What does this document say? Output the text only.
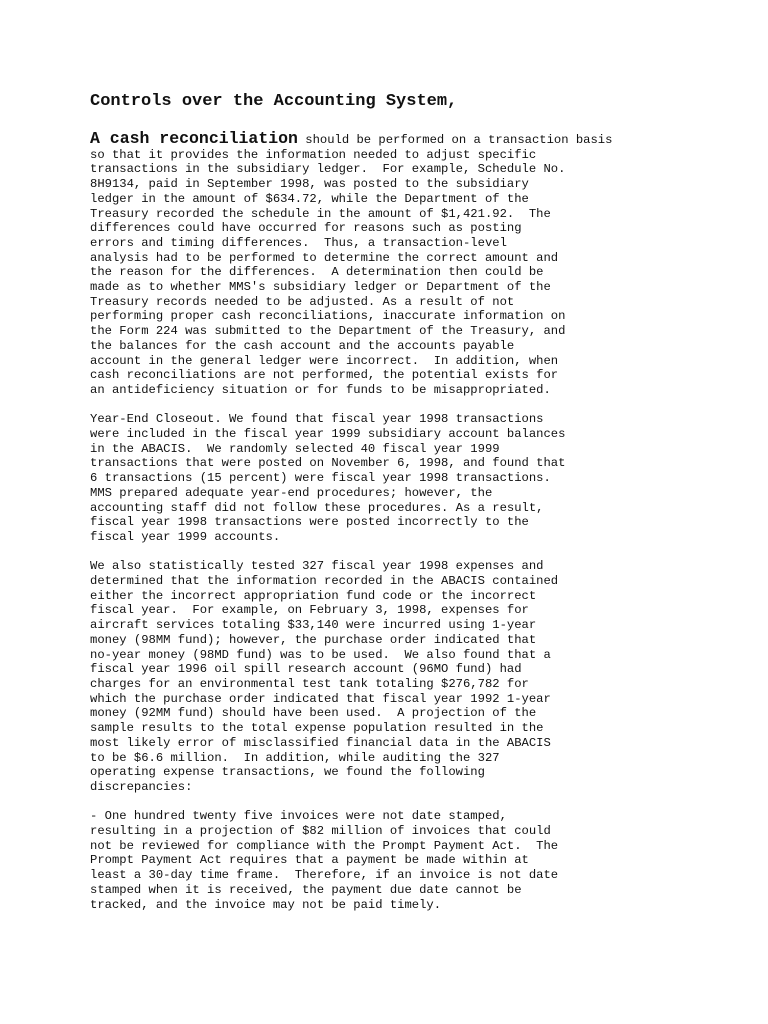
Controls over the Accounting System,
A cash reconciliation should be performed on a transaction basis
so that it provides the information needed to adjust specific
transactions in the subsidiary ledger.  For example, Schedule No.
8H9134, paid in September 1998, was posted to the subsidiary
ledger in the amount of $634.72, while the Department of the
Treasury recorded the schedule in the amount of $1,421.92.  The
differences could have occurred for reasons such as posting
errors and timing differences.  Thus, a transaction-level
analysis had to be performed to determine the correct amount and
the reason for the differences.  A determination then could be
made as to whether MMS's subsidiary ledger or Department of the
Treasury records needed to be adjusted. As a result of not
performing proper cash reconciliations, inaccurate information on
the Form 224 was submitted to the Department of the Treasury, and
the balances for the cash account and the accounts payable
account in the general ledger were incorrect.  In addition, when
cash reconciliations are not performed, the potential exists for
an antideficiency situation or for funds to be misappropriated.
Year-End Closeout. We found that fiscal year 1998 transactions
were included in the fiscal year 1999 subsidiary account balances
in the ABACIS.  We randomly selected 40 fiscal year 1999
transactions that were posted on November 6, 1998, and found that
6 transactions (15 percent) were fiscal year 1998 transactions.
MMS prepared adequate year-end procedures; however, the
accounting staff did not follow these procedures. As a result,
fiscal year 1998 transactions were posted incorrectly to the
fiscal year 1999 accounts.
We also statistically tested 327 fiscal year 1998 expenses and
determined that the information recorded in the ABACIS contained
either the incorrect appropriation fund code or the incorrect
fiscal year.  For example, on February 3, 1998, expenses for
aircraft services totaling $33,140 were incurred using 1-year
money (98MM fund); however, the purchase order indicated that
no-year money (98MD fund) was to be used.  We also found that a
fiscal year 1996 oil spill research account (96MO fund) had
charges for an environmental test tank totaling $276,782 for
which the purchase order indicated that fiscal year 1992 1-year
money (92MM fund) should have been used.  A projection of the
sample results to the total expense population resulted in the
most likely error of misclassified financial data in the ABACIS
to be $6.6 million.  In addition, while auditing the 327
operating expense transactions, we found the following
discrepancies:
- One hundred twenty five invoices were not date stamped,
resulting in a projection of $82 million of invoices that could
not be reviewed for compliance with the Prompt Payment Act.  The
Prompt Payment Act requires that a payment be made within at
least a 30-day time frame.  Therefore, if an invoice is not date
stamped when it is received, the payment due date cannot be
tracked, and the invoice may not be paid timely.
